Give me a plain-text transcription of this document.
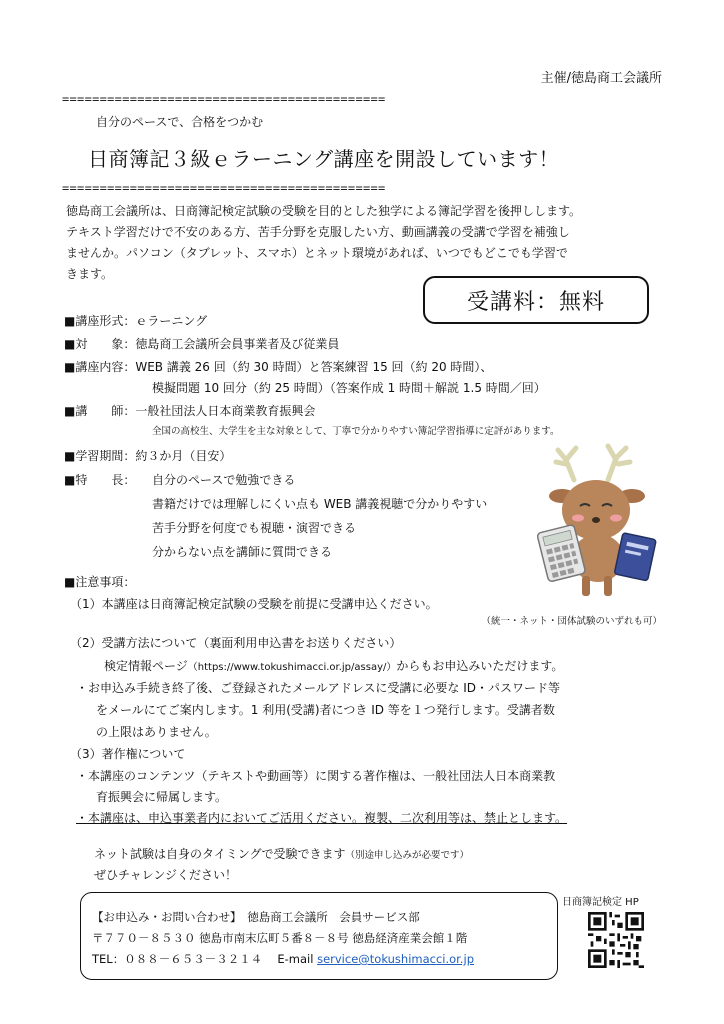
主催/徳島商工会議所
===========================================
自分のペースで、合格をつかむ
日商簿記３級ｅラーニング講座を開設しています！
===========================================
徳島商工会議所は、日商簿記検定試験の受験を目的とした独学による簿記学習を後押しします。
テキスト学習だけで不安のある方、苦手分野を克服したい方、動画講義の受講で学習を補強し
ませんか。パソコン（タブレット、スマホ）とネット環境があれば、いつでもどこでも学習で
きます。
受講料：無料
■講座形式：ｅラーニング
■対　　象：徳島商工会議所会員事業者及び従業員
■講座内容：WEB 講義 26 回（約 30 時間）と答案練習 15 回（約 20 時間）、
模擬問題 10 回分（約 25 時間）（答案作成 1 時間＋解説 1.5 時間／回）
■講　　師：一般社団法人日本商業教育振興会
全国の高校生、大学生を主な対象として、丁寧で分かりやすい簿記学習指導に定評があります。
■学習期間：約３か月（目安）
■特　　長： 自分のペースで勉強できる
書籍だけでは理解しにくい点も WEB 講義視聴で分かりやすい
苦手分野を何度でも視聴・演習できる
分からない点を講師に質問できる
■注意事項：
（1）本講座は日商簿記検定試験の受験を前提に受講申込ください。
（統一・ネット・団体試験のいずれも可）
（2）受講方法について（裏面利用申込書をお送りください）
検定情報ページ（https://www.tokushimacci.or.jp/assay/）からもお申込みいただけます。
・お申込み手続き終了後、ご登録されたメールアドレスに受講に必要な ID・パスワード等
をメールにてご案内します。1 利用(受講)者につき ID 等を１つ発行します。受講者数
の上限はありません。
（3）著作権について
・本講座のコンテンツ（テキストや動画等）に関する著作権は、一般社団法人日本商業教
育振興会に帰属します。
・本講座は、申込事業者内においてご活用ください。複製、二次利用等は、禁止とします。
ネット試験は自身のタイミングで受験できます（別途申し込みが必要です）
ぜひチャレンジください！
【お申込み・お問い合わせ】　徳島商工会議所　会員サービス部
〒７７０－８５３０ 徳島市南末広町５番８－８号 徳島経済産業会館１階
TEL：０８８－６５３－３２１４　 E-mail service@tokushimacci.or.jp
日商簿記検定 HP
